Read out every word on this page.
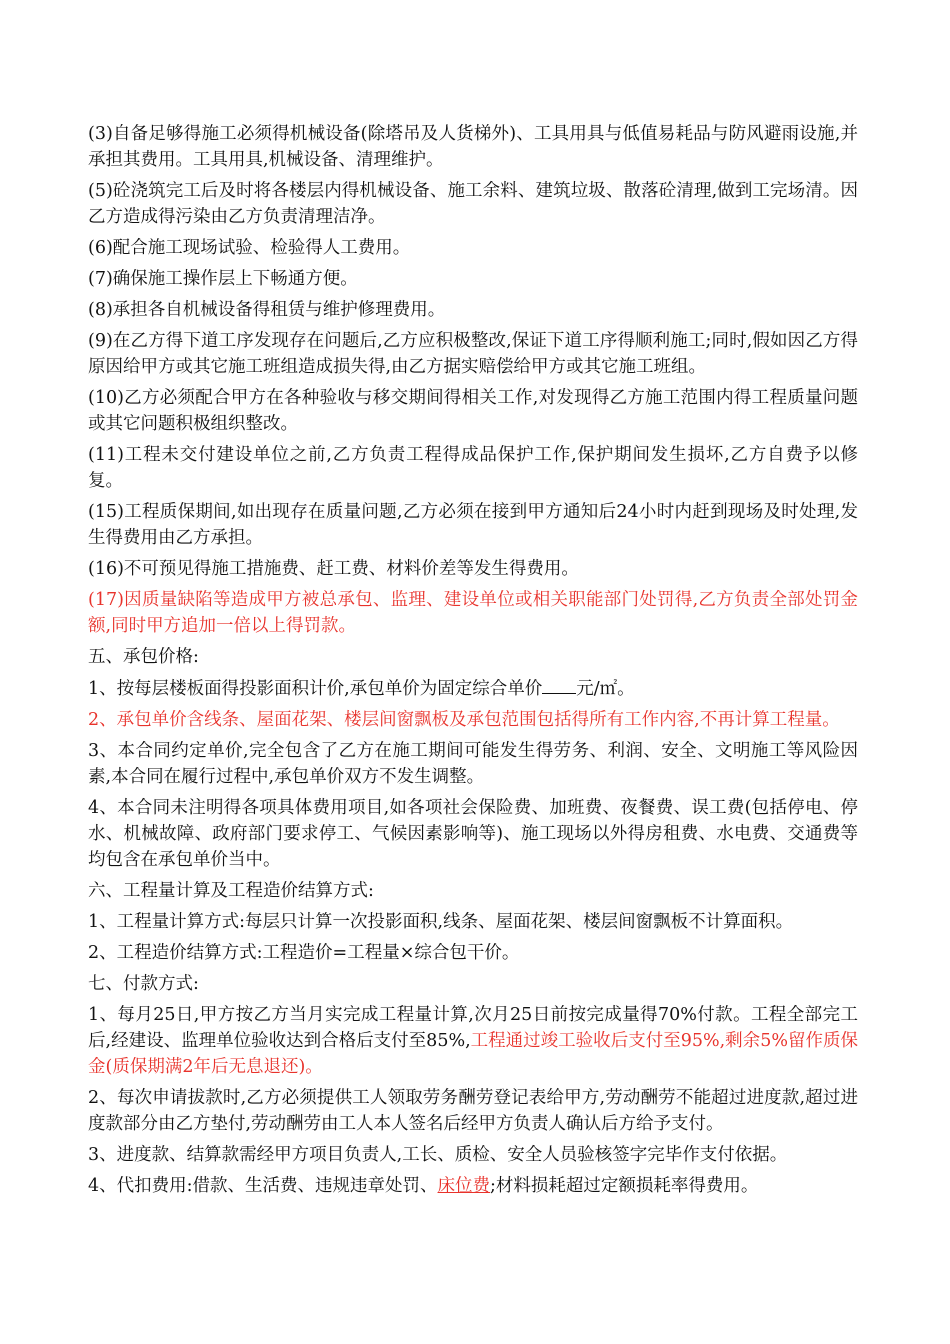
(3)自备足够得施工必须得机械设备(除塔吊及人货梯外)、工具用具与低值易耗品与防风避雨设施,并承担其费用。工具用具,机械设备、清理维护。

(5)砼浇筑完工后及时将各楼层内得机械设备、施工余料、建筑垃圾、散落砼清理,做到工完场清。因乙方造成得污染由乙方负责清理洁净。

(6)配合施工现场试验、检验得人工费用。

(7)确保施工操作层上下畅通方便。

(8)承担各自机械设备得租赁与维护修理费用。

(9)在乙方得下道工序发现存在问题后,乙方应积极整改,保证下道工序得顺利施工;同时,假如因乙方得原因给甲方或其它施工班组造成损失得,由乙方据实赔偿给甲方或其它施工班组。

(10)乙方必须配合甲方在各种验收与移交期间得相关工作,对发现得乙方施工范围内得工程质量问题或其它问题积极组织整改。

(11)工程未交付建设单位之前,乙方负责工程得成品保护工作,保护期间发生损坏,乙方自费予以修复。

(15)工程质保期间,如出现存在质量问题,乙方必须在接到甲方通知后24小时内赶到现场及时处理,发生得费用由乙方承担。

(16)不可预见得施工措施费、赶工费、材料价差等发生得费用。

(17)因质量缺陷等造成甲方被总承包、监理、建设单位或相关职能部门处罚得,乙方负责全部处罚金额,同时甲方追加一倍以上得罚款。

五、承包价格:

1、按每层楼板面得投影面积计价,承包单价为固定综合单价 元/㎡。

2、承包单价含线条、屋面花架、楼层间窗飘板及承包范围包括得所有工作内容,不再计算工程量。

3、本合同约定单价,完全包含了乙方在施工期间可能发生得劳务、利润、安全、文明施工等风险因素,本合同在履行过程中,承包单价双方不发生调整。

4、本合同未注明得各项具体费用项目,如各项社会保险费、加班费、夜餐费、误工费(包括停电、停水、机械故障、政府部门要求停工、气候因素影响等)、施工现场以外得房租费、水电费、交通费等均包含在承包单价当中。

六、工程量计算及工程造价结算方式:

1、工程量计算方式:每层只计算一次投影面积,线条、屋面花架、楼层间窗飘板不计算面积。

2、工程造价结算方式:工程造价=工程量×综合包干价。

七、付款方式:

1、每月25日,甲方按乙方当月实完成工程量计算,次月25日前按完成量得70%付款。工程全部完工后,经建设、监理单位验收达到合格后支付至85%,工程通过竣工验收后支付至95%,剩余5%留作质保金(质保期满2年后无息退还)。

2、每次申请拔款时,乙方必须提供工人领取劳务酬劳登记表给甲方,劳动酬劳不能超过进度款,超过进度款部分由乙方垫付,劳动酬劳由工人本人签名后经甲方负责人确认后方给予支付。

3、进度款、结算款需经甲方项目负责人,工长、质检、安全人员验核签字完毕作支付依据。

4、代扣费用:借款、生活费、违规违章处罚、床位费;材料损耗超过定额损耗率得费用。
